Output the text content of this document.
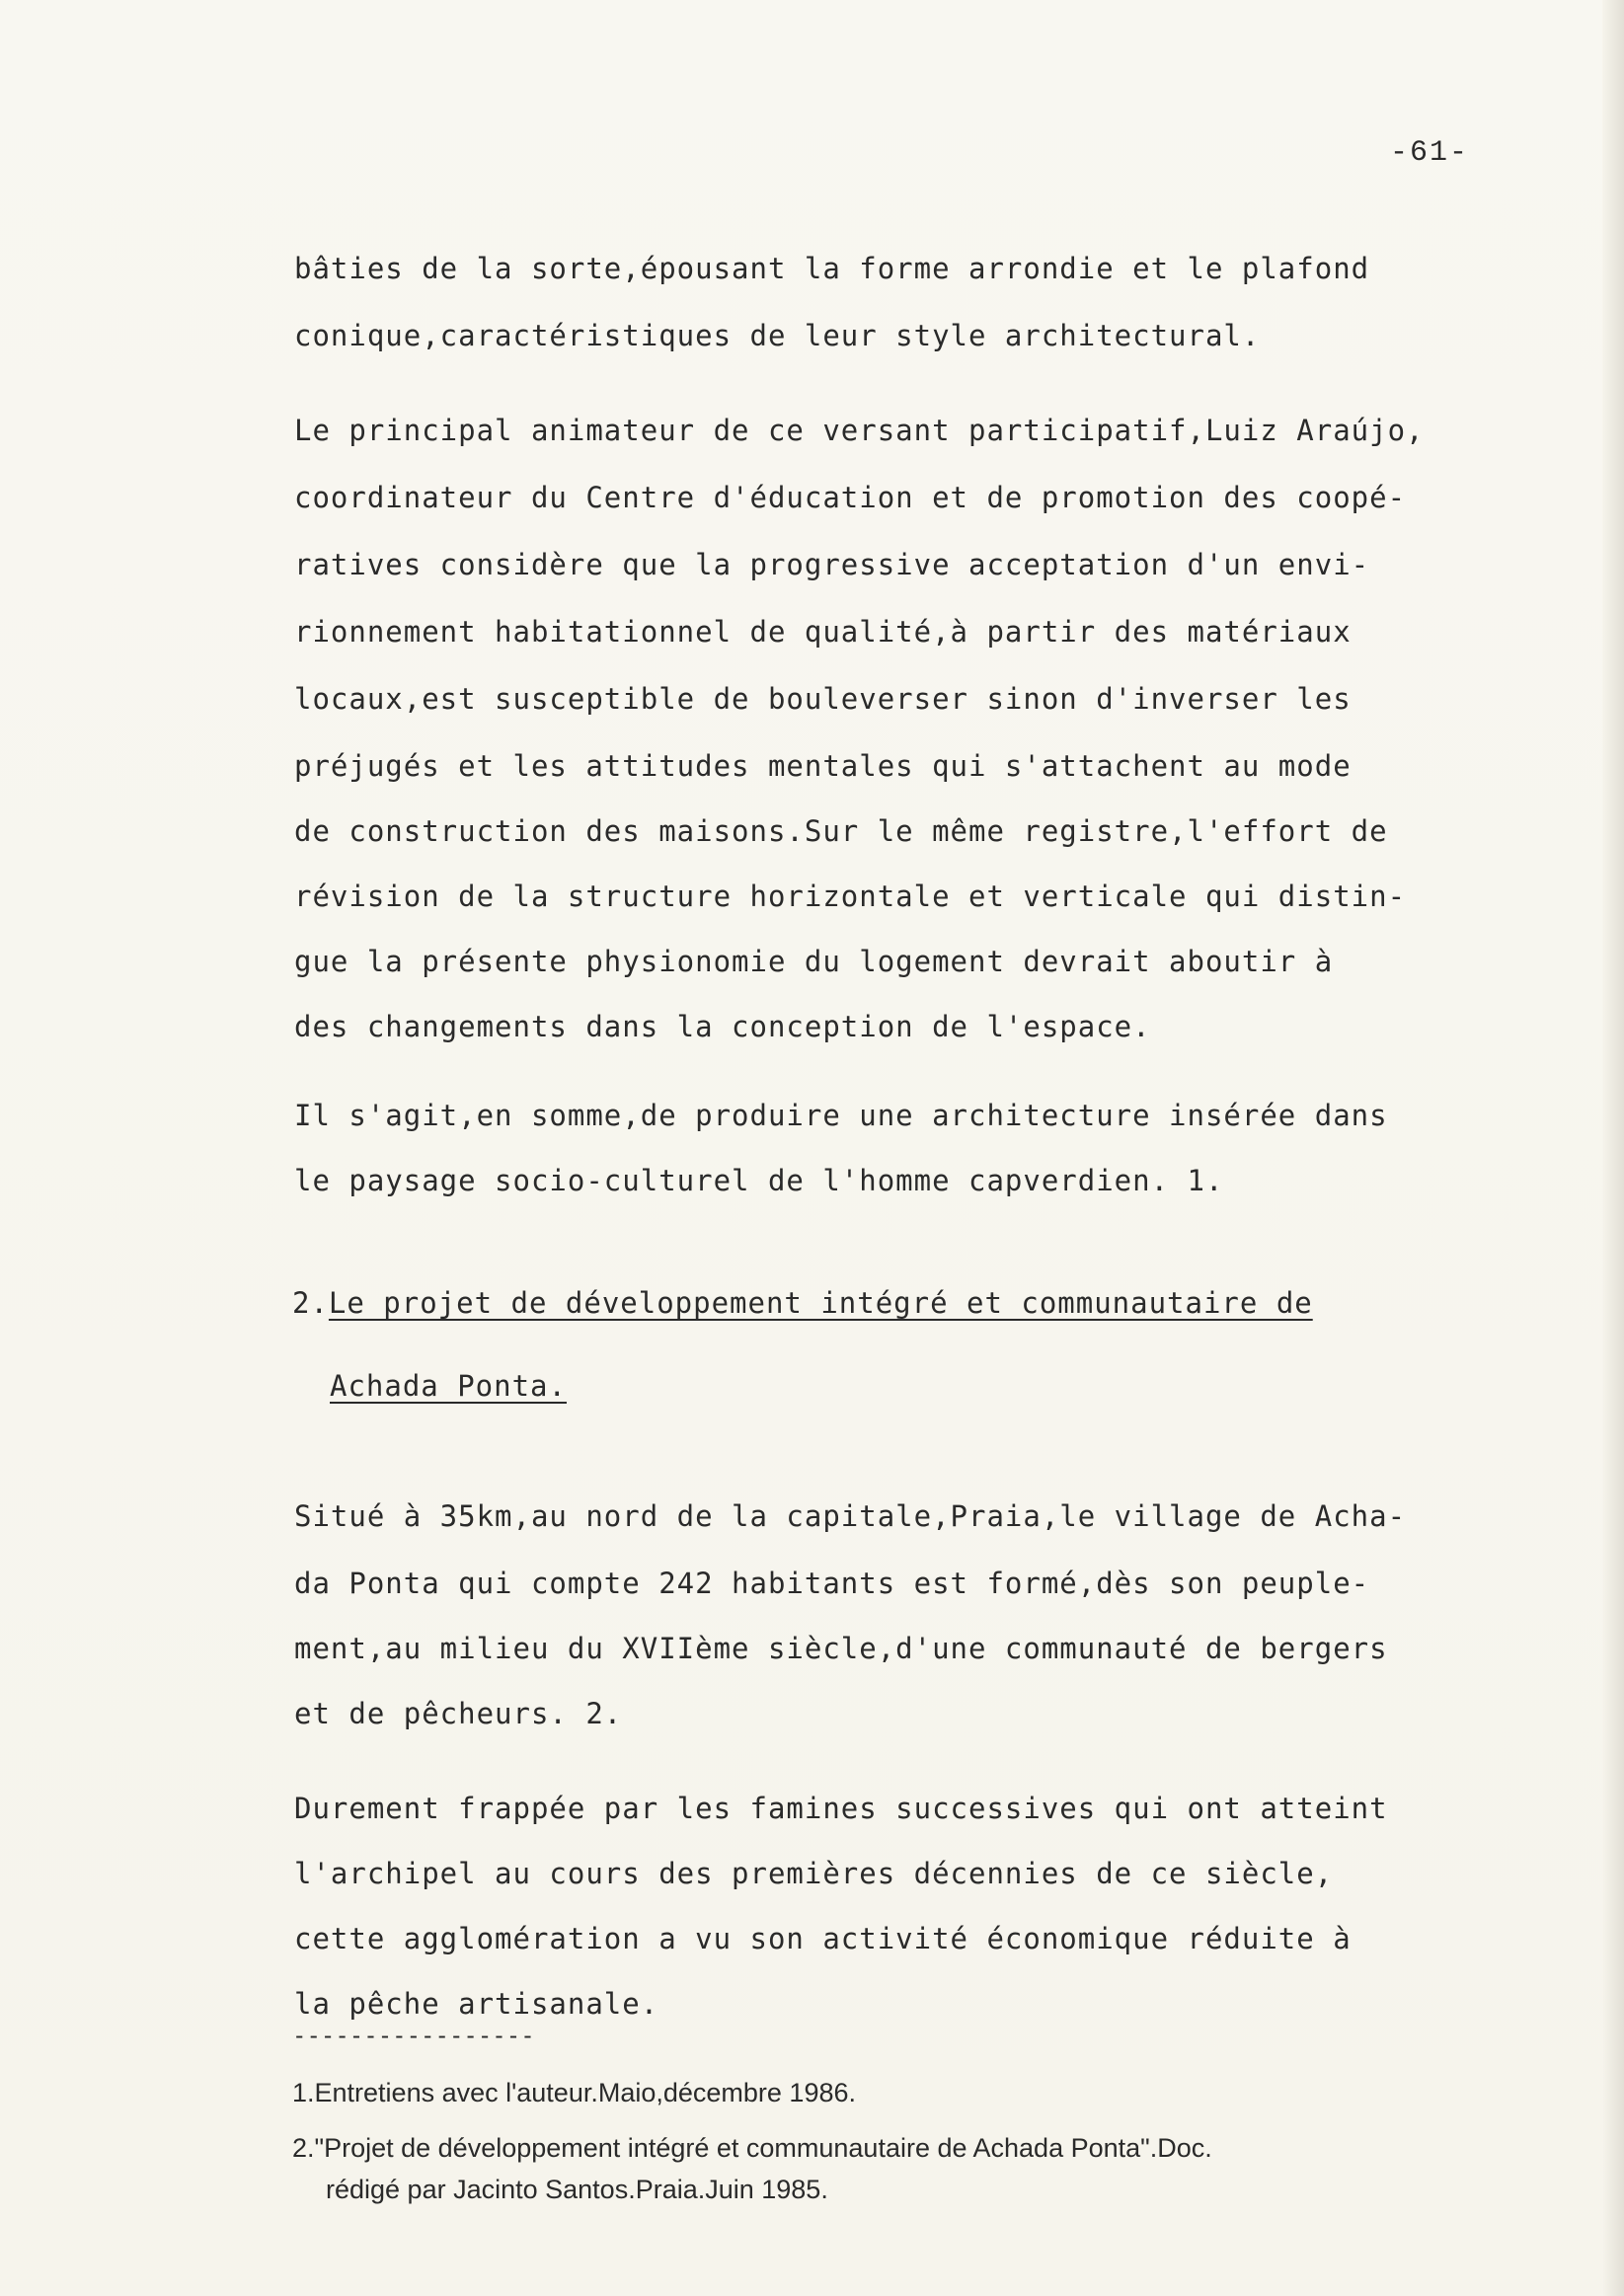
-61-
bâties de la sorte,épousant la forme arrondie et le plafond
conique,caractéristiques de leur style architectural.
Le principal animateur de ce versant participatif,Luiz Araújo,
coordinateur du Centre d'éducation et de promotion des coopé-
ratives considère que la progressive acceptation d'un envi-
rionnement habitationnel de qualité,à partir des matériaux
locaux,est susceptible de bouleverser sinon d'inverser les
préjugés et les attitudes mentales qui s'attachent au mode
de construction des maisons.Sur le même registre,l'effort de
révision de la structure horizontale et verticale qui distin-
gue la présente physionomie du logement devrait aboutir à
des changements dans la conception de l'espace.
Il s'agit,en somme,de produire une architecture insérée dans
le paysage socio-culturel de l'homme capverdien. 1.
2.Le projet de développement intégré et communautaire de
Achada Ponta.
Situé à 35km,au nord de la capitale,Praia,le village de Acha-
da Ponta qui compte 242 habitants est formé,dès son peuple-
ment,au milieu du XVIIème siècle,d'une communauté de bergers
et de pêcheurs. 2.
Durement frappée par les famines successives qui ont atteint
l'archipel au cours des premières décennies de ce siècle,
cette agglomération a vu son activité économique réduite à
la pêche artisanale.
-----------------
1.Entretiens avec l'auteur.Maio,décembre 1986.
2."Projet de développement intégré et communautaire de Achada Ponta".Doc.
rédigé par Jacinto Santos.Praia.Juin 1985.
